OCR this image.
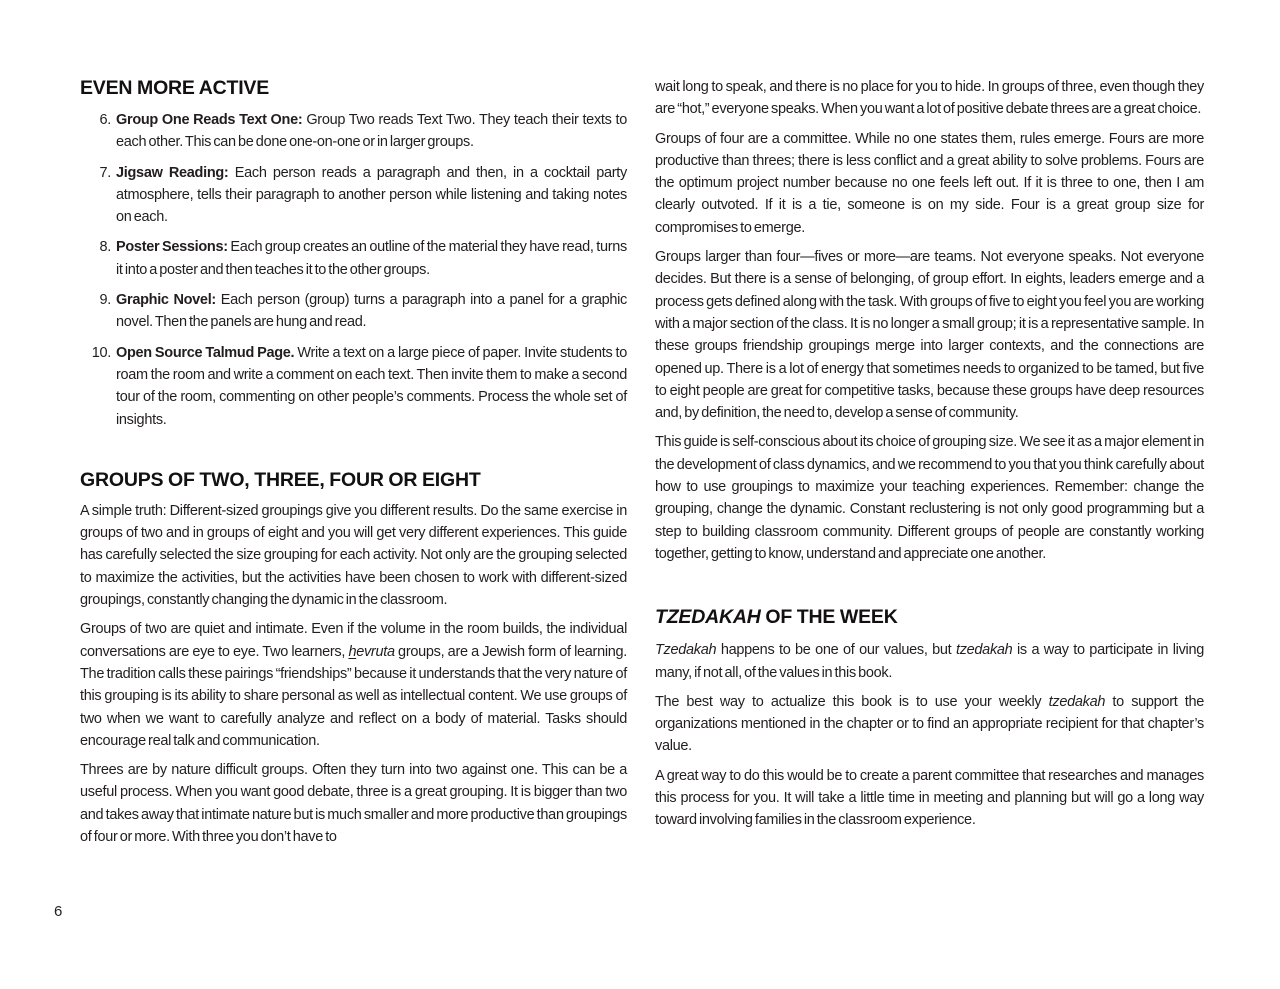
EVEN MORE ACTIVE
6. Group One Reads Text One: Group Two reads Text Two. They teach their texts to each other. This can be done one-on-one or in larger groups.
7. Jigsaw Reading: Each person reads a paragraph and then, in a cocktail party atmosphere, tells their paragraph to another person while listening and taking notes on each.
8. Poster Sessions: Each group creates an outline of the material they have read, turns it into a poster and then teaches it to the other groups.
9. Graphic Novel: Each person (group) turns a paragraph into a panel for a graphic novel. Then the panels are hung and read.
10. Open Source Talmud Page. Write a text on a large piece of paper. Invite students to roam the room and write a comment on each text. Then invite them to make a second tour of the room, commenting on other people’s comments. Process the whole set of insights.
GROUPS OF TWO, THREE, FOUR OR EIGHT

A simple truth: Different-sized groupings give you different results. Do the same exercise in groups of two and in groups of eight and you will get very different experiences. This guide has carefully selected the size grouping for each activity. Not only are the grouping selected to maximize the activities, but the activities have been chosen to work with different-sized groupings, constantly changing the dynamic in the classroom.

Groups of two are quiet and intimate. Even if the volume in the room builds, the individual conversations are eye to eye. Two learners, hevruta groups, are a Jewish form of learning. The tradition calls these pairings “friendships” because it understands that the very nature of this grouping is its ability to share personal as well as intellectual content. We use groups of two when we want to carefully analyze and reflect on a body of material. Tasks should encourage real talk and communication.

Threes are by nature difficult groups. Often they turn into two against one. This can be a useful process. When you want good debate, three is a great grouping. It is bigger than two and takes away that intimate nature but is much smaller and more productive than groupings of four or more. With three you don’t have to

wait long to speak, and there is no place for you to hide. In groups of three, even though they are “hot,” everyone speaks. When you want a lot of positive debate threes are a great choice.

Groups of four are a committee. While no one states them, rules emerge. Fours are more productive than threes; there is less conflict and a great ability to solve problems. Fours are the optimum project number because no one feels left out. If it is three to one, then I am clearly outvoted. If it is a tie, someone is on my side. Four is a great group size for compromises to emerge.

Groups larger than four—fives or more—are teams. Not everyone speaks. Not everyone decides. But there is a sense of belonging, of group effort. In eights, leaders emerge and a process gets defined along with the task. With groups of five to eight you feel you are working with a major section of the class. It is no longer a small group; it is a representative sample. In these groups friendship groupings merge into larger contexts, and the connections are opened up. There is a lot of energy that sometimes needs to organized to be tamed, but five to eight people are great for competitive tasks, because these groups have deep resources and, by definition, the need to, develop a sense of community.

This guide is self-conscious about its choice of grouping size. We see it as a major element in the development of class dynamics, and we recommend to you that you think carefully about how to use groupings to maximize your teaching experiences. Remember: change the grouping, change the dynamic. Constant reclustering is not only good programming but a step to building classroom community. Different groups of people are constantly working together, getting to know, understand and appreciate one another.

TZEDAKAH OF THE WEEK

Tzedakah happens to be one of our values, but tzedakah is a way to participate in living many, if not all, of the values in this book.

The best way to actualize this book is to use your weekly tzedakah to support the organizations mentioned in the chapter or to find an appropriate recipient for that chapter’s value.

A great way to do this would be to create a parent committee that researches and manages this process for you. It will take a little time in meeting and planning but will go a long way toward involving families in the classroom experience.

6
